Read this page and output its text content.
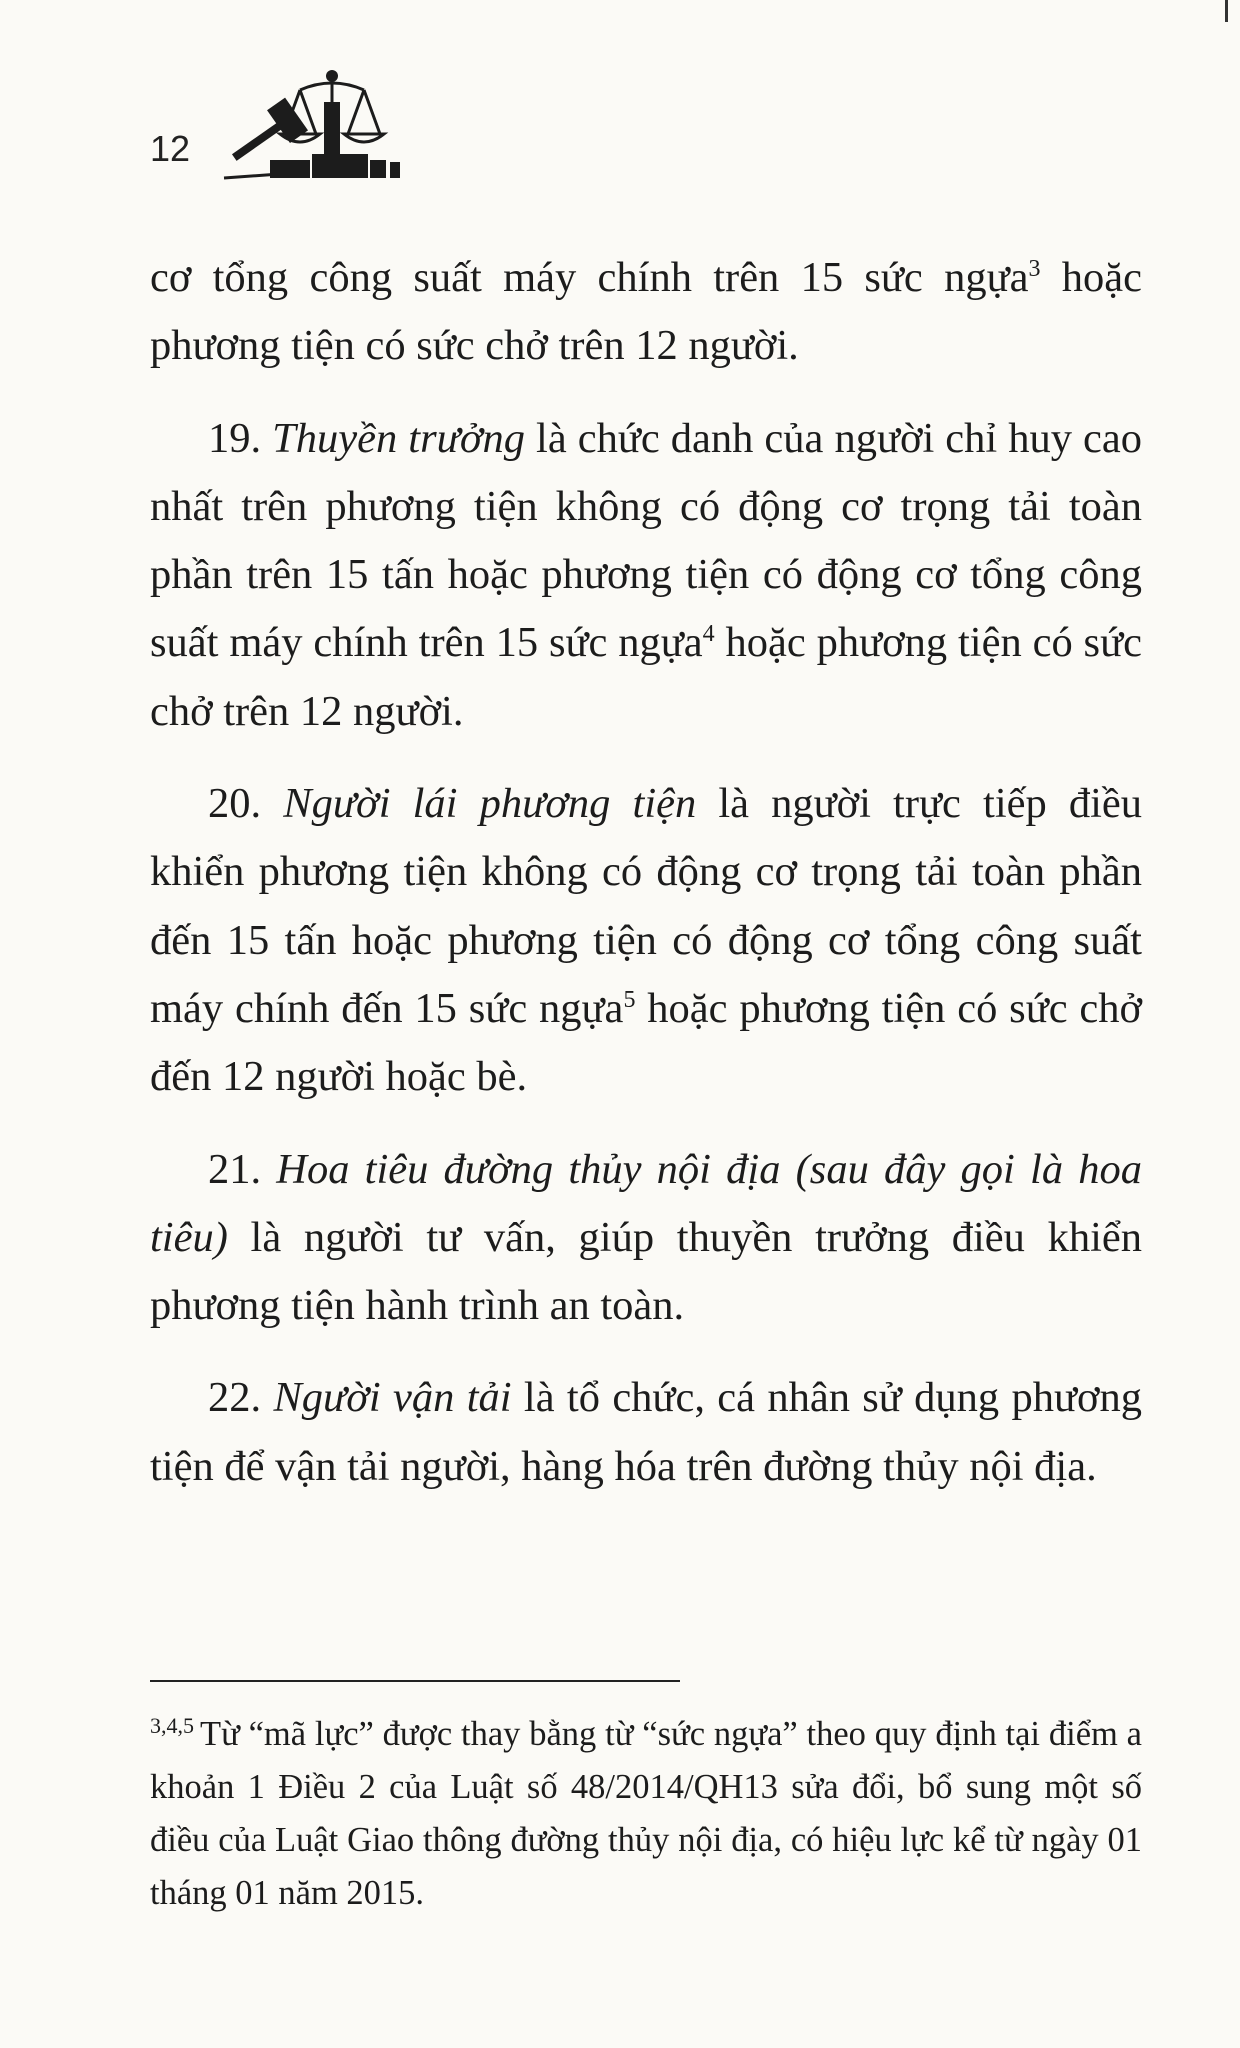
12

cơ tổng công suất máy chính trên 15 sức ngựa$^3$ hoặc phương tiện có sức chở trên 12 người.

19. Thuyền trưởng là chức danh của người chỉ huy cao nhất trên phương tiện không có động cơ trọng tải toàn phần trên 15 tấn hoặc phương tiện có động cơ tổng công suất máy chính trên 15 sức ngựa$^4$ hoặc phương tiện có sức chở trên 12 người.

20. Người lái phương tiện là người trực tiếp điều khiển phương tiện không có động cơ trọng tải toàn phần đến 15 tấn hoặc phương tiện có động cơ tổng công suất máy chính đến 15 sức ngựa$^5$ hoặc phương tiện có sức chở đến 12 người hoặc bè.

21. Hoa tiêu đường thủy nội địa (sau đây gọi là hoa tiêu) là người tư vấn, giúp thuyền trưởng điều khiển phương tiện hành trình an toàn.

22. Người vận tải là tổ chức, cá nhân sử dụng phương tiện để vận tải người, hàng hóa trên đường thủy nội địa.

$^{3,4,5}$ Từ “mã lực” được thay bằng từ “sức ngựa” theo quy định tại điểm a khoản 1 Điều 2 của Luật số 48/2014/QH13 sửa đổi, bổ sung một số điều của Luật Giao thông đường thủy nội địa, có hiệu lực kể từ ngày 01 tháng 01 năm 2015.
